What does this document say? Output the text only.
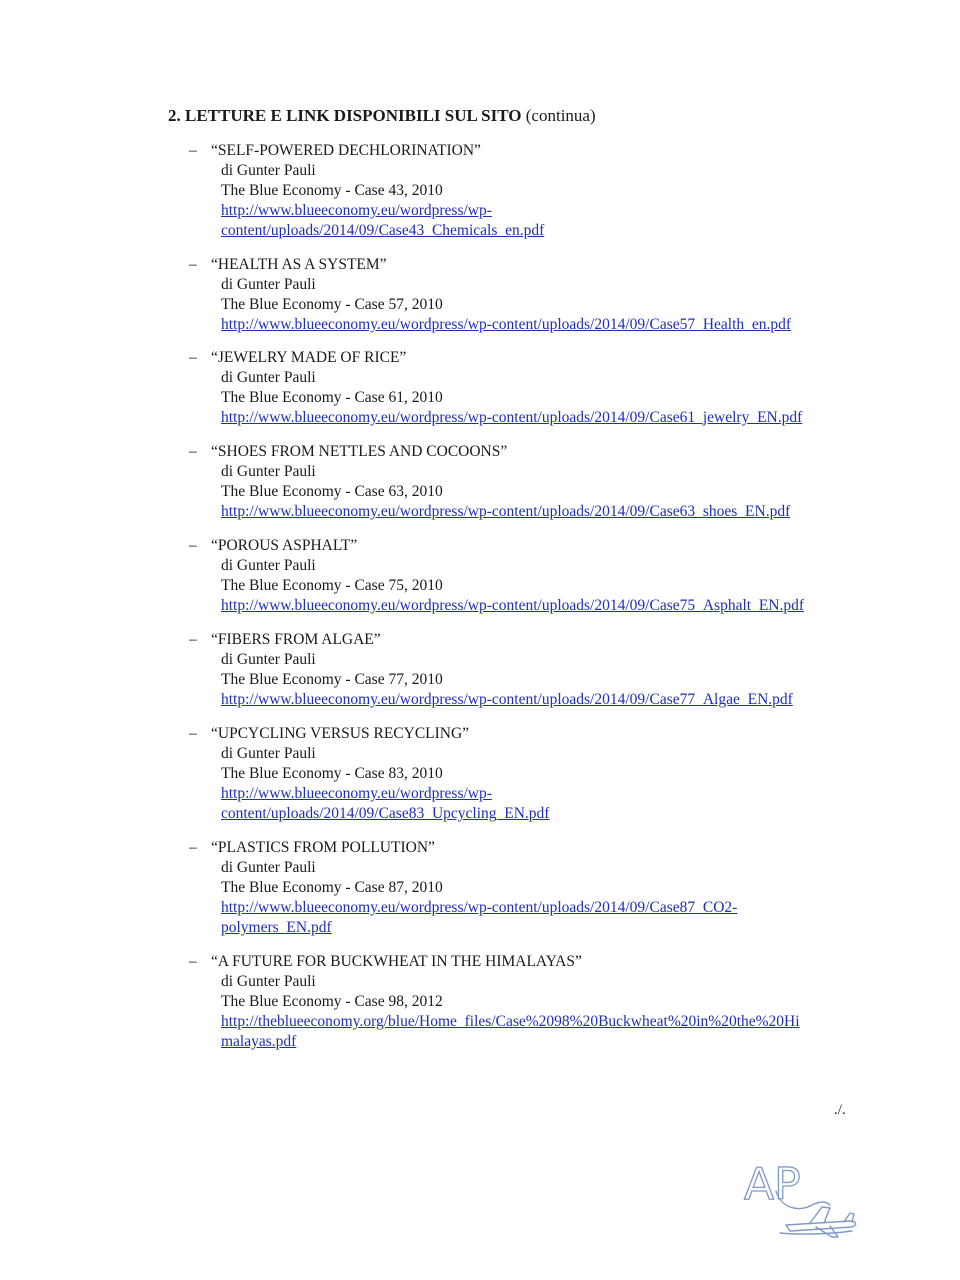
2. LETTURE E LINK DISPONIBILI SUL SITO (continua)
– “SELF-POWERED DECHLORINATION”
di Gunter Pauli
The Blue Economy - Case 43, 2010
http://www.blueeconomy.eu/wordpress/wp-
content/uploads/2014/09/Case43_Chemicals_en.pdf
– “HEALTH AS A SYSTEM”
di Gunter Pauli
The Blue Economy - Case 57, 2010
http://www.blueeconomy.eu/wordpress/wp-content/uploads/2014/09/Case57_Health_en.pdf
– “JEWELRY MADE OF RICE”
di Gunter Pauli
The Blue Economy - Case 61, 2010
http://www.blueeconomy.eu/wordpress/wp-content/uploads/2014/09/Case61_jewelry_EN.pdf
– “SHOES FROM NETTLES AND COCOONS”
di Gunter Pauli
The Blue Economy - Case 63, 2010
http://www.blueeconomy.eu/wordpress/wp-content/uploads/2014/09/Case63_shoes_EN.pdf
– “POROUS ASPHALT”
di Gunter Pauli
The Blue Economy - Case 75, 2010
http://www.blueeconomy.eu/wordpress/wp-content/uploads/2014/09/Case75_Asphalt_EN.pdf
– “FIBERS FROM ALGAE”
di Gunter Pauli
The Blue Economy - Case 77, 2010
http://www.blueeconomy.eu/wordpress/wp-content/uploads/2014/09/Case77_Algae_EN.pdf
– “UPCYCLING VERSUS RECYCLING”
di Gunter Pauli
The Blue Economy - Case 83, 2010
http://www.blueeconomy.eu/wordpress/wp-
content/uploads/2014/09/Case83_Upcycling_EN.pdf
– “PLASTICS FROM POLLUTION”
di Gunter Pauli
The Blue Economy - Case 87, 2010
http://www.blueeconomy.eu/wordpress/wp-content/uploads/2014/09/Case87_CO2-
polymers_EN.pdf
– “A FUTURE FOR BUCKWHEAT IN THE HIMALAYAS”
di Gunter Pauli
The Blue Economy - Case 98, 2012
http://theblueeconomy.org/blue/Home_files/Case%2098%20Buckwheat%20in%20the%20Hi
malayas.pdf
./.
AP
